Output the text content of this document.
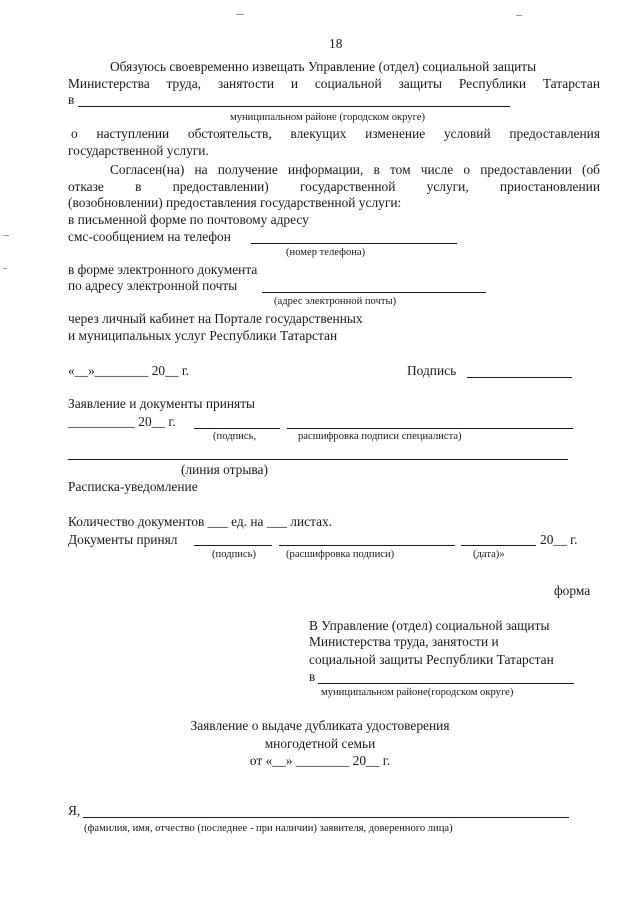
18
Обязуюсь своевременно извещать Управление (отдел) социальной защиты
Министерства труда, занятости и социальной защиты Республики Татарстан
в
муниципальном районе (городском округе)
о наступлении обстоятельств, влекущих изменение условий предоставления
государственной услуги.
Согласен(на) на получение информации, в том числе о предоставлении (об
отказе в предоставлении) государственной услуги, приостановлении
(возобновлении) предоставления государственной услуги:
в письменной форме по почтовому адресу
смс-сообщением на телефон
(номер телефона)
в форме электронного документа
по адресу электронной почты
(адрес электронной почты)
через личный кабинет на Портале государственных
и муниципальных услуг Республики Татарстан
«__»________ 20__ г.	Подпись
Заявление и документы приняты
__________ 20__ г.
(подпись,	расшифровка подписи специалиста)
(линия отрыва)
Расписка-уведомление
Количество документов ___ ед. на ___ листах.
Документы принял	20__ г.
(подпись)	(расшифровка подписи)	(дата)»
форма
В Управление (отдел) социальной защиты
Министерства труда, занятости и
социальной защиты Республики Татарстан
в
муниципальном районе(городском округе)
Заявление о выдаче дубликата удостоверения
многодетной семьи
от «__» ________ 20__ г.
Я,
(фамилия, имя, отчество (последнее - при наличии) заявителя, доверенного лица)
